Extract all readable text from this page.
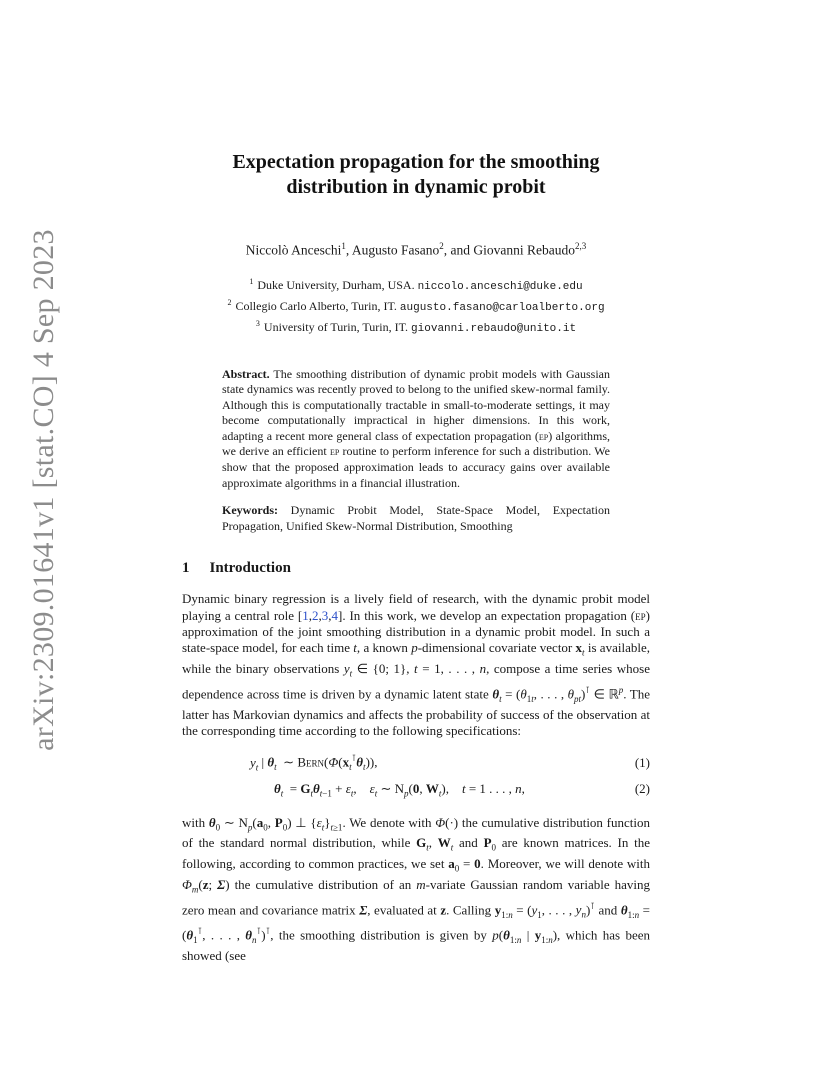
arXiv:2309.01641v1 [stat.CO] 4 Sep 2023
Expectation propagation for the smoothing
distribution in dynamic probit
Niccolò Anceschi$^1$, Augusto Fasano$^2$, and Giovanni Rebaudo$^{2,3}$
$^1$ Duke University, Durham, USA. niccolo.anceschi@duke.edu
$^2$ Collegio Carlo Alberto, Turin, IT. augusto.fasano@carloalberto.org
$^3$ University of Turin, Turin, IT. giovanni.rebaudo@unito.it
Abstract. The smoothing distribution of dynamic probit models with Gaussian state dynamics was recently proved to belong to the unified skew-normal family. Although this is computationally tractable in small-to-moderate settings, it may become computationally impractical in higher dimensions. In this work, adapting a recent more general class of expectation propagation (ep) algorithms, we derive an efficient ep routine to perform inference for such a distribution. We show that the proposed approximation leads to accuracy gains over available approximate algorithms in a financial illustration.
Keywords: Dynamic Probit Model, State-Space Model, Expectation Propagation, Unified Skew-Normal Distribution, Smoothing
1 Introduction

Dynamic binary regression is a lively field of research, with the dynamic probit model playing a central role [1,2,3,4]. In this work, we develop an expectation propagation (ep) approximation of the joint smoothing distribution in a dynamic probit model. In such a state-space model, for each time t, a known p-dimensional covariate vector $x_t$ is available, while the binary observations $y_t$ ∈ {0; 1}, t = 1, . . . , n, compose a time series whose dependence across time is driven by a dynamic latent state $\theta_t = (\theta_{1t}$, . . . , $\theta_{pt})^⊺$ ∈ ℝ$^p$. The latter has Markovian dynamics and affects the probability of success of the observation at the corresponding time according to the following specifications:

$y_t$ | $\theta_t$  ∼ $Bern(\Phi(x_t^⊺\theta_t))$,	(1)
$\theta_t = G_t\theta_{t-1} + \varepsilon_t$,    $\varepsilon_t$ ∼ $N_p(0$, $W_t$),    t = 1 . . . , n,	(2)

with $\theta_0$ ∼ $N_p(a_0$, $P_0$) ⊥ $\{\varepsilon_t\}_{t\ge 1}$. We denote with Φ(·) the cumulative distribution function of the standard normal distribution, while $G_t$, $W_t$ and $P_0$ are known matrices. In the following, according to common practices, we set $a_0 = 0$. Moreover, we will denote with $\Phi_m(z$; Σ) the cumulative distribution of an m-variate Gaussian random variable having zero mean and covariance matrix Σ, evaluated at z. Calling $y_{1:n} = (y_1$, . . . , $y_n)^⊺$ and $\theta_{1:n} = (\theta_1^⊺$, . . . , $\theta_n^⊺)^⊺$, the smoothing distribution is given by $p(\theta_{1:n}$ | $y_{1:n}$), which has been showed (see
